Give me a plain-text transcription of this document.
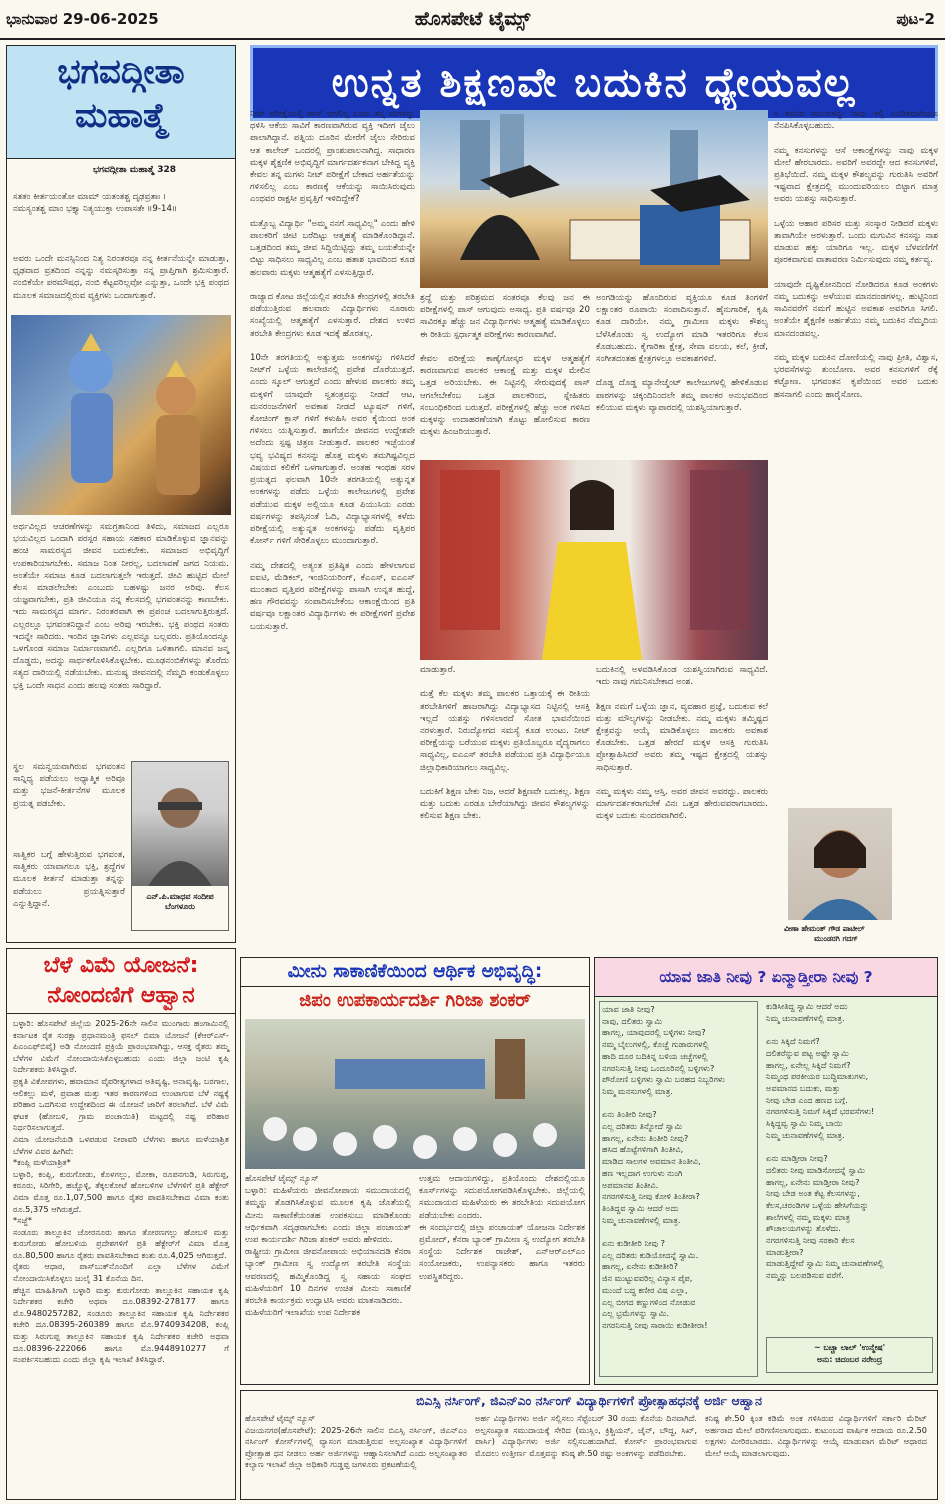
ಭಾನುವಾರ 29-06-2025	ಹೊಸಪೇಟೆ ಟೈಮ್ಸ್	ಪುಟ-2
ಭಗವದ್ಗೀತಾ
ಮಹಾತ್ಮೆ
ಭಗವದ್ಗೀತಾ ಮಹಾತ್ಮೆ 328
ಸತತಂ ಕೀರ್ತಯಂತೋ ಮಾಮ್ ಯತಂತಶ್ಚ ದೃಢವ್ರತಾಃ ।
ನಮಸ್ಯಂತಶ್ಚ ಮಾಂ ಭಕ್ತ್ಯಾ ನಿತ್ಯಯುಕ್ತಾ ಉಪಾಸತೇ ॥9-14॥
ಅವರು ಒಂದೇ ಮನಸ್ಸಿನಿಂದ ನಿತ್ಯ ನಿರಂತರವೂ ನನ್ನ ಕೀರ್ತನೆಯನ್ನೇ ಮಾಡುತ್ತಾ, ಧೃಢವಾದ ವ್ರತದಿಂದ ನನ್ನನ್ನು ನಮಸ್ಕರಿಸುತ್ತಾ ನನ್ನ ಪ್ರಾಪ್ತಿಗಾಗಿ ಶ್ರಮಿಸುತ್ತಾರೆ. ನಂಬಿಕೆಯೇ ಪರಮೌಷಧ, ನಂಬಿ ಕೆಟ್ಟವರಿಲ್ಲವೋ ಎನ್ನುತ್ತಾ, ಒಂದೇ ಭಕ್ತಿ ಪಂಥದ ಮೂಲಕ ಸಮಾಜದಲ್ಲಿರುವ ವ್ಯಕ್ತಿಗಳು ಒಂದಾಗುತ್ತಾರೆ.
ಅರ್ಥವಿಲ್ಲದ ಆಚರಣೆಗಳನ್ನು ಸಮಗ್ರತಾನಿಂದ ತಿಳಿದು, ಸಮಾಜದ ಎಲ್ಲರೂ ಭಯವಿಲ್ಲದ ಒಂದಾಗಿ ಪರಸ್ಪರ ಸಹಾಯ ಸಹಕಾರ ಮಾಡಿಕೊಳ್ಳುವ ಜ್ಞಾನವನ್ನು ಹಂಚಿ ಸಾಮರಸ್ಯದ ಜೀವನ ಬದುಕಬೇಕು. ಸಮಾಜದ ಅಭಿವೃದ್ಧಿಗೆ ಉಪಕಾರಿಯಾಗಬೇಕು. ಸಮಾಜ ನಿಂತ ನೀರಲ್ಲ, ಬದಲಾವಣೆ ಜಗದ ನಿಯಮ. ಅಂತೆಯೇ ಸಮಾಜ ಕೂಡ ಬದಲಾಗುತ್ತಲೇ ಇರುತ್ತದೆ. ಜೀವಿ ಹುಟ್ಟಿದ ಮೇಲೆ ಕೆಲಸ ಮಾಡಲೇಬೇಕು ಎಂಬುದು ಬಹಳಷ್ಟು ಜನರ ಅರಿವು. ಕೆಲಸ ಯಜ್ಞವಾಗಬೇಕು, ಪ್ರತಿ ಜೀವಿಯೂ ನನ್ನ ಕೆಲಸದಲ್ಲಿ ಭಗವಂತನನ್ನು ಕಾಣಬೇಕು. ಇದು ಸಾಮರಸ್ಯದ ಮಾರ್ಗ. ನಿರಂತರವಾಗಿ ಈ ಪ್ರಪಂಚ ಬದಲಾಗುತ್ತಿರುತ್ತದೆ. ಎಲ್ಲರಲ್ಲೂ ಭಗವಂತನಿದ್ದಾನೆ ಎಂಬ ಅರಿವು ಇರಬೇಕು. ಭಕ್ತಿ ಪಂಥದ ಸಂತರು ಇದನ್ನೇ ಸಾರಿದರು. ಇಂದಿನ ಜ್ಞಾನಿಗಳು ಎಲ್ಲವನ್ನೂ ಬಲ್ಲವರು. ಪ್ರತಿಯೊಂದನ್ನೂ ಒಳಗೊಂಡ ಸಮಾಜ ನಿರ್ಮಾಣವಾಗಲಿ. ಎಲ್ಲರಿಗೂ ಒಳಿತಾಗಲಿ. ಮಾನವ ಜನ್ಮ ದೊಡ್ಡದು, ಅದನ್ನು ಸಾರ್ಥಕಗೊಳಿಸಿಕೊಳ್ಳಬೇಕು. ಮೂಢನಂಬಿಕೆಗಳನ್ನು ತೊರೆದು ಸತ್ಯದ ದಾರಿಯಲ್ಲಿ ನಡೆಯಬೇಕು. ಮನುಷ್ಯ ಜೀವನದಲ್ಲಿ ನೆಮ್ಮದಿ ಕಂಡುಕೊಳ್ಳಲು ಭಕ್ತಿ ಒಂದೇ ಸಾಧನ ಎಂದು ಹಲವು ಸಂತರು ಸಾರಿದ್ದಾರೆ.
ಸ್ಥಲ ಸಮನ್ವಯವಾಗಿರುವ ಭಗವಂತನ ಸಾನ್ನಿಧ್ಯ ಪಡೆಯಲು ಅಧ್ಯಾತ್ಮಿಕ ಅರಿವೂ ಮತ್ತು ಭಜನೆ-ಕೀರ್ತನೆಗಳ ಮೂಲಕ ಪ್ರಯತ್ನ ಪಡಬೇಕು.
ಸಾತ್ವಿಕರ ಬಗ್ಗೆ ಹೇಳುತ್ತಿರುವ ಭಗವಂತ, ಸಾತ್ವಿಕರು ಯಾವಾಗಲೂ ಭಕ್ತಿ, ಶ್ರದ್ಧೆಗಳ ಮೂಲಕ ಕೀರ್ತನೆ ಮಾಡುತ್ತಾ ತನ್ನನ್ನು ಪಡೆಯಲು ಪ್ರಯತ್ನಿಸುತ್ತಾರೆ ಎನ್ನುತ್ತಿದ್ದಾನೆ.
ಎನ್.ಪಿ.ಮಾಧವ ಸಂದೀಪ
ಬೆಂಗಳೂರು
ಉನ್ನತ ಶಿಕ್ಷಣವೇ ಬದುಕಿನ ಧ್ಯೇಯವಲ್ಲ
ನೀಟ್ ಪರೀಕ್ಷೆಯಲ್ಲಿ ಪಾಸ್ ಆಗಲಿಲ್ಲ ಎಂದು ತನ್ನ ಮಗಳನ್ನು ಥಳಿಸಿ ಆಕೆಯ ಸಾವಿಗೆ ಕಾರಣವಾಗಿರುವ ವ್ಯಕ್ತಿ ಇದೀಗ ಜೈಲು ಪಾಲಾಗಿದ್ದಾನೆ. ಪತ್ನಿಯ ದೂರಿನ ಮೇರೆಗೆ ಜೈಲು ಸೇರಿರುವ ಆತ ಕಾಲೇಜ್ ಒಂದರಲ್ಲಿ ಪ್ರಾಂಶುಪಾಲನಾಗಿದ್ದ. ಸಾಧಾರಣ ಮಕ್ಕಳ ಶೈಕ್ಷಣಿಕ ಅಭಿವೃದ್ಧಿಗೆ ಮಾರ್ಗದರ್ಶಕನಾಗ ಬೇಕಿದ್ದ ವ್ಯಕ್ತಿ ಕೇವಲ ತನ್ನ ಮಗಳು ನೀಟ್ ಪರೀಕ್ಷೆಗೆ ಬೇಕಾದ ಅರ್ಹತೆಯನ್ನು ಗಳಿಸಲಿಲ್ಲ ಎಂಬ ಕಾರಣಕ್ಕೆ ಆಕೆಯನ್ನು ಸಾಯಿಸಿರುವುದು ಎಂಥವರ ರಾಕ್ಷಸೀ ಪ್ರವೃತ್ತಿಗೆ ಇಳಿದಿದ್ದೇಕೆ?

ಮತ್ತೊಬ್ಬ ವಿದ್ಯಾರ್ಥಿ "ಅಮ್ಮ ನನಗೆ ಸಾಧ್ಯವಿಲ್ಲ" ಎಂದು ಹೇಳಿ ಪಾಲಕರಿಗೆ ಚೀಟಿ ಬರೆದಿಟ್ಟು ಆತ್ಮಹತ್ಯೆ ಮಾಡಿಕೊಂಡಿದ್ದಾನೆ. ಒತ್ತಡದಿಂದ ತಮ್ಮ ಜೀವ ಸಿದ್ದಿಯಿಟ್ಟಿದ್ದು ತಮ್ಮ ಬಯಕೆಯನ್ನೇ ಬಿಟ್ಟು ಸಾಧಿಸಲು ಸಾಧ್ಯವಿಲ್ಲ ಎಂಬ ಹತಾಶ ಭಾವದಿಂದ ಕೂಡ ಹಲವಾರು ಮಕ್ಕಳು ಆತ್ಮಹತ್ಯೆಗೆ ಎಳಸುತ್ತಿದ್ದಾರೆ.

ರಾಜ್ಯಾದ ಕೋಟ ಜಿಲ್ಲೆಯಲ್ಲಿನ ತರಬೇತಿ ಕೇಂದ್ರಗಳಲ್ಲಿ ತರಬೇತಿ ಪಡೆಯುತ್ತಿರುವ ಹಲವಾರು ವಿದ್ಯಾರ್ಥಿಗಳು ನೂರಾರು ಸಂಖ್ಯೆಯಲ್ಲಿ ಆತ್ಮಹತ್ಯೆಗೆ ಎಳಸುತ್ತಾರೆ. ದೇಶದ ಉಳಿದ ತರಬೇತಿ ಕೇಂದ್ರಗಳು ಕೂಡ ಇದಕ್ಕೆ ಹೊರತಲ್ಲ.

10ನೇ ತರಗತಿಯಲ್ಲಿ ಅತ್ಯುತ್ತಮ ಅಂಕಗಳನ್ನು ಗಳಿಸಿದರೆ ನೀಟ್‌ಗೆ ಒಳ್ಳೆಯ ಕಾಲೇಜಿನಲ್ಲಿ ಪ್ರವೇಶ ದೊರೆಯುತ್ತದೆ. ಎಂದು ಸ್ಕೂಲ್ ಆಗುತ್ತದೆ ಎಂದು ಹೇಳುವ ಪಾಲಕರು ತಮ್ಮ ಮಕ್ಕಳಿಗೆ ಯಾವುದೇ ಸ್ವತಂತ್ರವನ್ನು ನೀಡದೆ ಆಟ, ಮನರಂಜನೆಗಳಿಗೆ ಅವಕಾಶ ನೀಡದೆ ಟ್ಯೂಷನ್ ಗಳಿಗೆ, ಕೋಚಿಂಗ್ ಕ್ಲಾಸ್ ಗಳಿಗೆ ಕಳುಹಿಸಿ ಅವರ ಕೈಯಿಂದ ಅಂಕ ಗಳಿಸಲು ಯತ್ನಿಸುತ್ತಾರೆ. ಹಾಗೆಯೇ ಜೀವನದ ಉದ್ದೇಶವೇ ಅದೆಂದು ಸ್ಪಷ್ಟ ಚಿತ್ರಣ ನೀಡುತ್ತಾರೆ. ಪಾಲಕರ ಇಚ್ಛೆಯಂತೆ ಭವ್ಯ ಭವಿಷ್ಯದ ಕನಸನ್ನು ಹೊತ್ತ ಮಕ್ಕಳು ತಮಗಿಷ್ಟವಿಲ್ಲದ ವಿಷಯದ ಕಲಿಕೆಗೆ ಒಳಗಾಗುತ್ತಾರೆ. ಅಂತಹ ಇಂಥಹ ಸರಳ ಪ್ರಯತ್ನದ ಫಲವಾಗಿ 10ನೇ ತರಗತಿಯಲ್ಲಿ ಅತ್ಯುನ್ನತ ಅಂಕಗಳನ್ನು ಪಡೆದು ಒಳ್ಳೆಯ ಕಾಲೇಜುಗಳಲ್ಲಿ ಪ್ರವೇಶ ಪಡೆಯುವ ಮಕ್ಕಳ ಅಲ್ಲಿಯೂ ಕೂಡ ಪಿಯುಸಿಯ ಎರಡು ವರ್ಷಗಳನ್ನು ತಪಸ್ಸಿನಂತೆ ಓದಿ, ವಿದ್ಯಾಭ್ಯಾಸಗಳಲ್ಲಿ ಕಳೆದು ಪರೀಕ್ಷೆಯಲ್ಲಿ ಅತ್ಯುನ್ನತ ಅಂಕಗಳನ್ನು ಪಡೆದು ವೃತ್ತಿಪರ ಕೋರ್ಸ್ ಗಳಿಗೆ ಸೇರಿಕೊಳ್ಳಲು ಮುಂದಾಗುತ್ತಾರೆ.

ನಮ್ಮ ದೇಶದಲ್ಲಿ ಅತ್ಯಂತ ಪ್ರತಿಷ್ಠಿತ ಎಂದು ಹೇಳಲಾಗುವ ಐಐಟಿ, ಮೆಡಿಕಲ್, ಇಂಜಿನಿಯರಿಂಗ್, ಕೆಎಎಸ್, ಐಎಎಸ್ ಮುಂತಾದ ವೃತ್ತಿಪರ ಪರೀಕ್ಷೆಗಳನ್ನು ಪಾಸಾಗಿ ಉನ್ನತ ಹುದ್ದೆ, ಹಣ ಗೌರವವನ್ನು ಸಂಪಾದಿಸಬೇಕೆಂಬ ಆಕಾಂಕ್ಷೆಯಿಂದ ಪ್ರತಿ ವರ್ಷವೂ ಲಕ್ಷಾಂತರ ವಿದ್ಯಾರ್ಥಿಗಳು ಈ ಪರೀಕ್ಷೆಗಳಿಗೆ ಪ್ರವೇಶ ಬಯಸುತ್ತಾರೆ.
ಶ್ರದ್ಧೆ ಮತ್ತು ಪರಿಶ್ರಮದ ಸಂತರವೂ ಕೆಲವು ಜನ ಈ ಪರೀಕ್ಷೆಗಳಲ್ಲಿ ಪಾಸ್ ಆಗುವುದು ಅಸಾಧ್ಯ. ಪ್ರತಿ ವರ್ಷವೂ 20 ಸಾವಿರಕ್ಕೂ ಹೆಚ್ಚು ಜನ ವಿದ್ಯಾರ್ಥಿಗಳು ಆತ್ಮಹತ್ಯೆ ಮಾಡಿಕೊಳ್ಳಲು ಈ ರೀತಿಯ ಸ್ಪರ್ಧಾತ್ಮಕ ಪರೀಕ್ಷೆಗಳು ಕಾರಣವಾಗಿವೆ.

ಕೇವಲ ಪರೀಕ್ಷೆಯ ಕಾಣ್ಕೆಗೋಸ್ಕರ ಮಕ್ಕಳ ಆತ್ಮಹತ್ಯೆಗೆ ಕಾರಣವಾಗುವ ಪಾಲಕರ ಆಕಾಂಕ್ಷೆ ಮತ್ತು ಮಕ್ಕಳ ಮೇಲಿನ ಒತ್ತಡ ಅರಿಯಬೇಕು. ಈ ನಿಟ್ಟಿನಲ್ಲಿ ಸೇರುವುದಕ್ಕೆ ಪಾಸ್ ಆಗಲೇಬೇಕೆಂಬ ಒತ್ತಡ ಪಾಲಕರಿಂದ, ಸ್ನೇಹಿತರು ಸಂಬಂಧಿಕರಿಂದ ಬರುತ್ತದೆ. ಪರೀಕ್ಷೆಗಳಲ್ಲಿ ಹೆಚ್ಚು ಅಂಕ ಗಳಿಸಿದ ಮಕ್ಕಳನ್ನು ಉದಾಹರಣೆಯಾಗಿ ಕೊಟ್ಟು ಹೋಲಿಸುವ ಕಾರಣ ಮಕ್ಕಳು ಹಿಂಜರಿಯುತ್ತಾರೆ.
ಅಂಗಡಿಯನ್ನು ಹೊಂದಿರುವ ವ್ಯಕ್ತಿಯೂ ಕೂಡ ತಿಂಗಳಿಗೆ ಲಕ್ಷಾಂತರ ರೂಪಾಯಿ ಸಂಪಾದಿಸುತ್ತಾನೆ. ಹೈನುಗಾರಿಕೆ, ಕೃಷಿ ಕೂಡ ದಾರಿಯೇ. ನಮ್ಮ ಗ್ರಾಮೀಣ ಮಕ್ಕಳು ಕೌಶಲ್ಯ ಬೆಳೆಸಿಕೊಂಡು ಸ್ವ ಉದ್ಯೋಗ ಮಾಡಿ ಇತರರಿಗೂ ಕೆಲಸ ಕೊಡಬಹುದು. ಕೈಗಾರಿಕಾ ಕ್ಷೇತ್ರ, ಸೇವಾ ವಲಯ, ಕಲೆ, ಕ್ರೀಡೆ, ಸಂಗೀತದಂತಹ ಕ್ಷೇತ್ರಗಳಲ್ಲೂ ಅವಕಾಶಗಳಿವೆ.

ದೊಡ್ಡ ದೊಡ್ಡ ಮ್ಯಾನೇಜ್ಮೆಂಟ್ ಕಾಲೇಜುಗಳಲ್ಲಿ ಹೇಳಿಕೊಡುವ ಪಾಠಗಳನ್ನು ಚಿಕ್ಕಂದಿನಿಂದಲೇ ತಮ್ಮ ಪಾಲಕರ ಅನುಭವದಿಂದ ಕಲಿಯುವ ಮಕ್ಕಳು ವ್ಯಾಪಾರದಲ್ಲಿ ಯಶಸ್ವಿಯಾಗುತ್ತಾರೆ.
ಮಾಡುತ್ತಾರೆ.

ಮತ್ತೆ ಕೆಲ ಮಕ್ಕಳು ತಮ್ಮ ಪಾಲಕರ ಒತ್ತಾಯಕ್ಕೆ ಈ ರೀತಿಯ ತರಬೇತಿಗಳಿಗೆ ಹಾಜರಾಗಿದ್ದು ವಿದ್ಯಾಭ್ಯಾಸದ ನಿಟ್ಟಿನಲ್ಲಿ ಆಸಕ್ತಿ ಇಲ್ಲದೆ ಯಶಸ್ಸು ಗಳಿಸಲಾರದೆ ಸೋತ ಭಾವನೆಯಿಂದ ನರಳುತ್ತಾರೆ. ನಿರುದ್ಯೋಗದ ಸಮಸ್ಯೆ ಕೂಡ ಉಂಟು. ನೀಟ್ ಪರೀಕ್ಷೆಯನ್ನು ಬರೆಯುವ ಮಕ್ಕಳು ಪ್ರತಿಯೊಬ್ಬರೂ ವೈದ್ಯರಾಗಲು ಸಾಧ್ಯವಿಲ್ಲ, ಐಎಎಸ್ ತರಬೇತಿ ಪಡೆಯುವ ಪ್ರತಿ ವಿದ್ಯಾರ್ಥಿಯೂ ಜಿಲ್ಲಾಧಿಕಾರಿಯಾಗಲು ಸಾಧ್ಯವಿಲ್ಲ.

ಬದುಕಿಗೆ ಶಿಕ್ಷಣ ಬೇಕು ನಿಜ, ಆದರೆ ಶಿಕ್ಷಣವೇ ಬದುಕಲ್ಲ. ಶಿಕ್ಷಣ ಮತ್ತು ಬದುಕು ಎರಡೂ ಬೇರೆಯಾಗಿದ್ದು ಜೀವನ ಕೌಶಲ್ಯಗಳನ್ನು ಕಲಿಸುವ ಶಿಕ್ಷಣ ಬೇಕು.
ಬದುಕಿನಲ್ಲಿ ಅಳವಡಿಸಿಕೊಂಡ ಯಶಸ್ವಿಯಾಗಿರುವ ಸಾಧ್ಯವಿದೆ. ಇದು ನಾವು ಗಮನಿಸಬೇಕಾದ ಅಂಶ.

ಶಿಕ್ಷಣ ನಮಗೆ ಒಳ್ಳೆಯ ಜ್ಞಾನ, ವ್ಯವಹಾರ ಪ್ರಜ್ಞೆ, ಬದುಕುವ ಕಲೆ ಮತ್ತು ಮೌಲ್ಯಗಳನ್ನು ನೀಡಬೇಕು. ನಮ್ಮ ಮಕ್ಕಳು ತಮ್ಮಿಷ್ಟದ ಕ್ಷೇತ್ರವನ್ನು ಆಯ್ಕೆ ಮಾಡಿಕೊಳ್ಳಲು ಪಾಲಕರು ಅವಕಾಶ ಕೊಡಬೇಕು. ಒತ್ತಡ ಹೇರದೆ ಮಕ್ಕಳ ಆಸಕ್ತಿ ಗುರುತಿಸಿ ಪ್ರೋತ್ಸಾಹಿಸಿದರೆ ಅವರು ತಮ್ಮ ಇಷ್ಟದ ಕ್ಷೇತ್ರದಲ್ಲಿ ಯಶಸ್ಸು ಸಾಧಿಸುತ್ತಾರೆ.

ನಮ್ಮ ಮಕ್ಕಳು ನಮ್ಮ ಆಸ್ತಿ. ಅವರ ಜೀವನ ಅವರದ್ದು. ಪಾಲಕರು ಮಾರ್ಗದರ್ಶಕರಾಗಬೇಕೆ ವಿನಃ ಒತ್ತಡ ಹೇರುವವರಾಗಬಾರದು. ಮಕ್ಕಳ ಬದುಕು ಸುಂದರವಾಗಿರಲಿ.
ನ ಕವನದ ಸಾಲುಗಳನ್ನು ನಾವು ಇಲ್ಲಿ ಎಂದಿತವಾಗಿಯೂ ನೆನಪಿಸಿಕೊಳ್ಳಬಹುದು.

ನಮ್ಮ ಕನಸುಗಳನ್ನು ಆಸೆ ಆಕಾಂಕ್ಷೆಗಳನ್ನು ನಾವು ಮಕ್ಕಳ ಮೇಲೆ ಹೇರಬಾರದು. ಅವರಿಗೆ ಅವರದ್ದೇ ಆದ ಕನಸುಗಳಿವೆ, ಪ್ರತಿಭೆಯಿದೆ. ನಮ್ಮ ಮಕ್ಕಳ ಕೌಶಲ್ಯವನ್ನು ಗುರುತಿಸಿ ಅವರಿಗೆ ಇಷ್ಟವಾದ ಕ್ಷೇತ್ರದಲ್ಲಿ ಮುಂದುವರಿಯಲು ಬಿಟ್ಟಾಗ ಮಾತ್ರ ಅವರು ಯಶಸ್ಸು ಸಾಧಿಸುತ್ತಾರೆ.

ಒಳ್ಳೆಯ ಆಹಾರ ಪರಿಸರ ಮತ್ತು ಸಂಸ್ಕಾರ ನೀಡಿದರೆ ಮಕ್ಕಳು ತಾವಾಗಿಯೇ ಅರಳುತ್ತಾರೆ. ಒಂದು ಮಗುವಿನ ಕನಸನ್ನು ನಾಶ ಮಾಡುವ ಹಕ್ಕು ಯಾರಿಗೂ ಇಲ್ಲ. ಮಕ್ಕಳ ಬೆಳವಣಿಗೆಗೆ ಪೂರಕವಾಗುವ ವಾತಾವರಣ ನಿರ್ಮಿಸುವುದು ನಮ್ಮ ಕರ್ತವ್ಯ.

ಯಾವುದೇ ದೃಷ್ಟಿಕೋನದಿಂದ ನೋಡಿದರೂ ಕೂಡ ಅಂಕಗಳು ನಮ್ಮ ಬದುಕನ್ನು ಅಳೆಯುವ ಮಾನದಂಡಗಳಲ್ಲ. ಹುಟ್ಟಿನಿಂದ ಸಾವಿನವರೆಗೆ ನಮಗೆ ಹುಟ್ಟಿನ ಅವಕಾಶ ಅವರಿಗೂ ಸಿಗಲಿ. ಅಂತೆಯೇ ಶೈಕ್ಷಣಿಕ ಅರ್ಹತೆಯು ನಮ್ಮ ಬದುಕಿನ ನೆಮ್ಮದಿಯ ಮಾನದಂಡವಲ್ಲ.

ನಮ್ಮ ಮಕ್ಕಳ ಬದುಕಿನ ದೋಣಿಯಲ್ಲಿ ನಾವು ಪ್ರೀತಿ, ವಿಶ್ವಾಸ, ಭರವಸೆಗಳನ್ನು ತುಂಬೋಣ. ಅವರ ಕನಸುಗಳಿಗೆ ರೆಕ್ಕೆ ಕಟ್ಟೋಣ. ಭಗವಂತನ ಕೃಪೆಯಿಂದ ಅವರ ಬದುಕು ಹಸನಾಗಲಿ ಎಂದು ಹಾರೈಸೋಣ.
ವೀಣಾ ಹೇಮಂತ್ ಗೌಡ ಪಾಟೀಲ್
ಮುಂಡರಗಿ ಗದಗ್
ಬೆಳೆ ವಿಮೆ ಯೋಜನೆ:
ನೋಂದಣಿಗೆ ಆಹ್ವಾನ
ಬಳ್ಳಾರಿ: ಹೊಸಪೇಟೆ ಜಿಲ್ಲೆಯ 2025-26ನೇ ಸಾಲಿನ ಮುಂಗಾರು ಹಂಗಾಮಿನಲ್ಲಿ ಕರ್ನಾಟಕ ರೈತ ಸುರಕ್ಷಾ ಪ್ರಧಾನಮಂತ್ರಿ ಫಸಲ್ ಬಿಮಾ ಯೋಜನೆ (ಕೆಆರ್‌ಎಸ್-ಪಿಎಂಎಫ್‌ಬಿವೈ) ಅಡಿ ನೋಂದಣಿ ಪ್ರಕ್ರಿಯೆ ಪ್ರಾರಂಭವಾಗಿದ್ದು, ಆಸಕ್ತ ರೈತರು ತಮ್ಮ ಬೆಳೆಗಳ ವಿಮೆಗೆ ನೋಂದಾಯಿಸಿಕೊಳ್ಳಬಹುದು ಎಂದು ಜಿಲ್ಲಾ ಜಂಟಿ ಕೃಷಿ ನಿರ್ದೇಶಕರು ತಿಳಿಸಿದ್ದಾರೆ.
ಪ್ರಕೃತಿ ವಿಕೋಪಗಳು, ಹವಾಮಾನ ವೈಪರೀತ್ಯಗಳಾದ ಅತಿವೃಷ್ಟಿ, ಅನಾವೃಷ್ಟಿ, ಬರಗಾಲ, ಆಲಿಕಲ್ಲು ಮಳೆ, ಪ್ರವಾಹ ಮತ್ತು ಇತರ ಕಾರಣಗಳಿಂದ ಉಂಟಾಗುವ ಬೆಳೆ ನಷ್ಟಕ್ಕೆ ಪರಿಹಾರ ಒದಗಿಸುವ ಉದ್ದೇಶದಿಂದ ಈ ಯೋಜನೆ ಜಾರಿಗೆ ತರಲಾಗಿದೆ. ಬೆಳೆ ವಿಮೆ ಘಟಕ (ಹೋಬಳಿ, ಗ್ರಾಮ ಪಂಚಾಯಿತಿ) ಮಟ್ಟದಲ್ಲಿ ನಷ್ಟ ಪರಿಹಾರ ನಿರ್ಧರಿಸಲಾಗುತ್ತದೆ.
ವಿಮಾ ಯೋಜನೆಯಡಿ ಒಳಪಡುವ ನೀರಾವರಿ ಬೆಳೆಗಳು ಹಾಗೂ ಮಳೆಯಾಶ್ರಿತ ಬೆಳೆಗಳ ವಿವರ ಹೀಗಿವೆ:
*ಕಂಪ್ಲಿ ಮಳೆಯಾಶ್ರಿತ*
ಬಳ್ಳಾರಿ, ಕಂಪ್ಲಿ, ಕುರುಗೋಡು, ಕೊಳಗಲ್ಲು, ಮೋಕಾ, ರೂಪನಗುಡಿ, ಸಿರುಗುಪ್ಪ, ಕರೂರು, ಸಿರಿಗೇರಿ, ಹಚ್ಚೊಳ್ಳಿ, ತೆಕ್ಕಲಕೋಟೆ ಹೋಬಳಿಗಳ ಬೆಳೆಗಳಿಗೆ ಪ್ರತಿ ಹೆಕ್ಟೇರ್ ವಿಮಾ ಮೊತ್ತ ರೂ.1,07,500 ಹಾಗೂ ರೈತರ ಪಾವತಿಸಬೇಕಾದ ವಿಮಾ ಕಂತು ರೂ.5,375 ಆಗಿರುತ್ತದೆ.
*ಸಜ್ಜೆ*
ಸಂಡೂರು ತಾಲ್ಲೂಕಿನ ಚೋರನೂರು ಹಾಗೂ ತೋರಣಗಲ್ಲು ಹೋಬಳಿ ಮತ್ತು ಕುರುಗೋಡು ಹೋಬಳಿಯ ಪ್ರದೇಶಗಳಿಗೆ ಪ್ರತಿ ಹೆಕ್ಟೇರ್‌ಗೆ ವಿಮಾ ಮೊತ್ತ ರೂ.80,500 ಹಾಗೂ ರೈತರು ಪಾವತಿಸಬೇಕಾದ ಕಂತು ರೂ.4,025 ಆಗಿರುತ್ತದೆ.
ರೈತರು ಆಧಾರ, ಪಾಸ್‌ಬುಕ್‌ನೊಂದಿಗೆ ಎಲ್ಲಾ ಬೆಳೆಗಳ ವಿಮೆಗೆ ನೋಂದಾಯಿಸಿಕೊಳ್ಳಲು ಜುಲೈ 31 ಕೊನೆಯ ದಿನ.
ಹೆಚ್ಚಿನ ಮಾಹಿತಿಗಾಗಿ ಬಳ್ಳಾರಿ ಮತ್ತು ಕುರುಗೋಡು ತಾಲ್ಲೂಕಿನ ಸಹಾಯಕ ಕೃಷಿ ನಿರ್ದೇಶಕರ ಕಚೇರಿ ಅಥವಾ ದೂ.08392-278177 ಹಾಗೂ ಮೊ.9480257282, ಸಂಡೂರು ತಾಲ್ಲೂಕಿನ ಸಹಾಯಕ ಕೃಷಿ ನಿರ್ದೇಶಕರ ಕಚೇರಿ ದೂ.08395-260389 ಹಾಗೂ ಮೊ.9740934208, ಕಂಪ್ಲಿ ಮತ್ತು ಸಿರುಗುಪ್ಪ ತಾಲ್ಲೂಕಿನ ಸಹಾಯಕ ಕೃಷಿ ನಿರ್ದೇಶಕರ ಕಚೇರಿ ಅಥವಾ ದೂ.08396-222066 ಹಾಗೂ ಮೊ.9448910277 ಗೆ ಸಂಪರ್ಕಿಸಬಹುದು ಎಂದು ಜಿಲ್ಲಾ ಕೃಷಿ ಇಲಾಖೆ ತಿಳಿಸಿದ್ದಾರೆ.
ಮೀನು ಸಾಕಾಣಿಕೆಯಿಂದ ಆರ್ಥಿಕ ಅಭಿವೃದ್ಧಿ:
ಜಿಪಂ ಉಪಕಾರ್ಯದರ್ಶಿ ಗಿರಿಜಾ ಶಂಕರ್
ಹೊಸಪೇಟೆ ಟೈಮ್ಸ್ ನ್ಯೂಸ್
ಬಳ್ಳಾರಿ: ಮಹಿಳೆಯರು ಜೀವನೋಪಾಯ ಸಮುದಾಯದಲ್ಲಿ ತಮ್ಮನ್ನು ತೊಡಗಿಸಿಕೊಳ್ಳುವ ಮೂಲಕ ಕೃಷಿ ಜೊತೆಯಲ್ಲಿ ಮೀನು ಸಾಕಾಣಿಕೆಯಂತಹ ಉಪಕಸುಬು ಮಾಡಿಕೊಂಡು ಆರ್ಥಿಕವಾಗಿ ಸದೃಢರಾಗಬೇಕು ಎಂದು ಜಿಲ್ಲಾ ಪಂಚಾಯತ್ ಉಪ ಕಾರ್ಯದರ್ಶಿ ಗಿರಿಜಾ ಶಂಕರ್ ಅವರು ಹೇಳಿದರು.
ರಾಷ್ಟ್ರೀಯ ಗ್ರಾಮೀಣ ಜೀವನೋಪಾಯ ಅಭಿಯಾನದಡಿ ಕೆನರಾ ಬ್ಯಾಂಕ್ ಗ್ರಾಮೀಣ ಸ್ವ ಉದ್ಯೋಗ ತರಬೇತಿ ಸಂಸ್ಥೆಯ ಆವರಣದಲ್ಲಿ ಹಮ್ಮಿಕೊಂಡಿದ್ದ ಸ್ವ ಸಹಾಯ ಸಂಘದ ಮಹಿಳೆಯರಿಗೆ 10 ದಿನಗಳ ಉಚಿತ ಮೀನು ಸಾಕಾಣಿಕೆ ತರಬೇತಿ ಕಾರ್ಯಕ್ರಮ ಉದ್ಘಾಟಿಸಿ ಅವರು ಮಾತನಾಡಿದರು.
ಮಹಿಳೆಯರಿಗೆ ಇಲಾಖೆಯ ಉಪ ನಿರ್ದೇಶಕ
ಉತ್ತಮ ಆದಾಯಗಳಿದ್ದು, ಪ್ರತಿಯೊಂದು ದೇಶದಲ್ಲಿಯೂ ಕೂರ್ಸ್‌ಗಳನ್ನು ಸದುಪಯೋಗಪಡಿಸಿಕೊಳ್ಳಬೇಕು. ಜಿಲ್ಲೆಯಲ್ಲಿ ಸಮುದಾಯದ ಮಹಿಳೆಯರು ಈ ತರಬೇತಿಯ ಸದುಪಯೋಗ ಪಡೆಯಬೇಕು ಎಂದರು.
ಈ ಸಂದರ್ಭದಲ್ಲಿ ಜಿಲ್ಲಾ ಪಂಚಾಯತ್ ಯೋಜನಾ ನಿರ್ದೇಶಕ ಪ್ರಮೋದ್, ಕೆನರಾ ಬ್ಯಾಂಕ್ ಗ್ರಾಮೀಣ ಸ್ವ ಉದ್ಯೋಗ ತರಬೇತಿ ಸಂಸ್ಥೆಯ ನಿರ್ದೇಶಕ ರಾಜೇಶ್, ಎನ್‌ಆರ್‌ಎಲ್‌ಎಂ ಸಂಯೋಜಕರು, ಉಪನ್ಯಾಸಕರು ಹಾಗೂ ಇತರರು ಉಪಸ್ಥಿತರಿದ್ದರು.
ಯಾವ ಜಾತಿ ನೀವು ? ಏನ್ಮಾಡ್ತೀರಾ ನೀವು ?
ಯಾವ ಜಾತಿ ನೀವು?
ನಾವು, ದಲಿತರು ಸ್ವಾಮಿ
ಹಾಗಲ್ಲ, ಯಾವುದರಲ್ಲಿ ಬಳ್ಳಿಗಳು ನೀವು?
ನಮ್ಮ ಬೈಲುಗಳಲ್ಲಿ, ಕೊಚ್ಚೆ ಗುಡಾರುಗಳಲ್ಲಿ
ಹಾದಿ ದೂರ ಬದಿಕಿನ್ನ ಬಳಿಯ ಚಚ್ಚೆಗಳಲ್ಲಿ
ನಗರನಿಸುತ್ತಿ ನೀವು ಒಂದೂರಿನಲ್ಲಿ ಬಳ್ಳಿಗಳು?
ಪೌರೋಣಿ ಬಳ್ಳಿಗಳು ಸ್ವಾಮಿ ಬರಹದ ನಿಬ್ಬರಿಗಳು
ನಿಮ್ಮ ಮನಸುಗಳಲ್ಲಿ ಮಾತ್ರ.

ಏನು ತಿಂತೀರಿ ನೀವು?
ಎಲ್ಲ ದರಿತರು ತಿನ್ನೋದೆ ಸ್ವಾಮಿ
ಹಾಗಲ್ಲ, ಏನೇನು ತಿಂತೀರಿ ನೀವು?
ಹಸಿದ ಹೊಟ್ಟೆಗಳಿಗಾಗಿ ತಿಂತೀವಿ,
ಮಾಡಿದ ಸಾಲಗಳ ಅವಮಾನ ತಿಂತೀವಿ,
ಹಣ ಇಲ್ಲದಾಗ ಉಗುಳು ನುಂಗಿ
ಅಪಮಾನವ ತಿಂತೀವಿ.
ನಗರಗಳಿಸುತ್ತಿ ನೀವು ಕೋಳಿ ತಿಂತೀರಾ?
ತಿಂತಿದ್ದವ ಸ್ವಾಮಿ ಆದರೆ ಅದು
ನಿಮ್ಮ ಚುನಾವಣೆಗಳಲ್ಲಿ ಮಾತ್ರ.

ಏನು ಕುಡೀತೀರಿ ನೀವು ?
ಎಲ್ಲ ದರಿತರು ಕುಡಿಯೋದನ್ನೆ ಸ್ವಾಮಿ.
ಹಾಗಲ್ಲ, ಏನೇನು ಕುಡೀತೀರಿ?
ಜಿನ ಮುಟ್ಟುವವರಿಲ್ಲ ವಿನ್ಯಾಸ ಪೈಪ,
ಮುಂದೆ ಬದ್ಧ ಕಣೀರ ವಿಷ ಎಲ್ಲಾ,
ಎಲ್ಲ ಬೀಗದ ಕಣ್ಣುಗಳಿಂದ ನೋಡುವ
ಎಲ್ಲ ಭ್ರಮೆಗಳನ್ನು ಸ್ವಾಮಿ.
ನಗರನಿಸುತ್ತಿ ನೀವು ಸಾರಾಯಿ ಕುಡೀತೀರಾ!
ಕುಡಿಸೀತಿದ್ದ ಸ್ವಾಮಿ ಆದರೆ ಅದು
ನಿಮ್ಮ ಚುನಾವಣೆಗಳಲ್ಲಿ ಮಾತ್ರ.

ಏನು ಸಿಕ್ಕಿದೆ ನಿಮಗೆ?
ದಲಿತರೆನ್ನುವ ಪಟ್ಟ ಅಷ್ಟೇ ಸ್ವಾಮಿ
ಹಾಗಲ್ಲ, ಏನೇಲ್ಲ ಸಿಕ್ಕಿದೆ ನಿಮಗೆ?
ನಿಮ್ಮಂಥ ಪರಕೀಯರ ಬುದ್ಧಿಮಾತುಗಳು,
ಅವಮಾನದ ಬದುಕು, ಮತ್ತು
ನೀವು ಬೇಡ ಎಂದ ಹಣದ ಬಗ್ಗೆ.
ನಗರಗಳಿಸುತ್ತಿ ನಿಮಗೆ ಸಿಕ್ಕಿದೆ ಭರವಸೆಗಳು!
ಸಿಕ್ಕಿದ್ದವ್ವ ಸ್ವಾಮಿ ನಿಮ್ಮ ಬಾಯಿ
ನಿಮ್ಮ ಚುನಾವಣೆಗಳಲ್ಲಿ ಮಾತ್ರ.

ಏನು ಮಾಡ್ತೀರಾ ನೀವು?
ದಲಿತರು ನೀವು ಮಾಡಿಸೋದನ್ನೆ ಸ್ವಾಮಿ
ಹಾಗಲ್ಲ, ಏನೇನು ಮಾಡ್ತೀರಾ ನೀವು?
ನೀವು ಬೇಡ ಅಂತ ಕೆಟ್ಟ ಕೆಲಸಗಳನ್ನು,
ಕೆಲಸ,ಚರಂಡಿಗಳ ಒಳ್ಳೆಯ ಹೇಸಿಗೆಯನ್ನು
ಶಾಲೆಗಳಲ್ಲಿ ನಮ್ಮ ಮಕ್ಕಳು ಮಾತ್ರ
ಶೌಚಾಲಯಗಳನ್ನು ತೊಳೆದು.
ನಗರಗಳಿಸುತ್ತಿ ನೀವು ಸರಕಾರಿ ಕೆಲಸ
ಮಾಡುತ್ತೀರಾ?
ಮಾಡುತ್ತಿದ್ದೇವೆ ಸ್ವಾಮಿ ನಿಮ್ಮ ಚುನಾವಣೆಗಳಲ್ಲಿ
ನಮ್ಮನ್ನು ಬಲಪಡಿಸುವ ವರೆಗೆ.
~ ಬಚ್ಚಾ ಲಾಲ್ 'ಉನ್ಮೇಷ'
ಅನು: ಚಿದಂಬರ ನರೇಂದ್ರ
ಬಿಎಸ್ಸಿ ನರ್ಸಿಂಗ್, ಜಿಎನ್‌ಎಂ ನರ್ಸಿಂಗ್ ವಿದ್ಯಾರ್ಥಿಗಳಿಗೆ ಪ್ರೋತ್ಸಾಹಧನಕ್ಕೆ ಅರ್ಜಿ ಆಹ್ವಾನ
ಹೊಸಪೇಟೆ ಟೈಮ್ಸ್ ನ್ಯೂಸ್
ವಿಜಯನಗರ(ಹೊಸಪೇಟೆ): 2025-26ನೇ ಸಾಲಿನ ಬಿಎಸ್ಸಿ ನರ್ಸಿಂಗ್, ಜಿಎನ್‌ಎಂ ನರ್ಸಿಂಗ್ ಕೋರ್ಸ್‌ಗಳಲ್ಲಿ ವ್ಯಾಸಂಗ ಮಾಡುತ್ತಿರುವ ಅಲ್ಪಸಂಖ್ಯಾತ ವಿದ್ಯಾರ್ಥಿಗಳಿಗೆ ಪ್ರೋತ್ಸಾಹ ಧನ ನೀಡಲು ಅರ್ಹ ಅರ್ಜಿಗಳನ್ನು ಆಹ್ವಾನಿಸಲಾಗಿದೆ ಎಂದು ಅಲ್ಪಸಂಖ್ಯಾತರ ಕಲ್ಯಾಣ ಇಲಾಖೆ ಜಿಲ್ಲಾ ಅಧಿಕಾರಿ ಗುಡ್ಡಪ್ಪ ಜಗಳೂರು ಪ್ರಕಟಣೆಯಲ್ಲಿ
ಅರ್ಹ ವಿದ್ಯಾರ್ಥಿಗಳು ಅರ್ಜಿ ಸಲ್ಲಿಸಲು ಸೆಪ್ಟೆಂಬರ್ 30 ರಂದು ಕೊನೆಯ ದಿನವಾಗಿದೆ. ಅಲ್ಪಸಂಖ್ಯಾತ ಸಮುದಾಯಕ್ಕೆ ಸೇರಿದ (ಮುಸ್ಲಿಂ, ಕ್ರಿಶ್ಚಿಯನ್, ಜೈನ್, ಬೌದ್ಧ, ಸಿಖ್, ಪಾರ್ಸಿ) ವಿದ್ಯಾರ್ಥಿಗಳು ಅರ್ಜಿ ಸಲ್ಲಿಸಬಹುದಾಗಿದೆ. ಕೋರ್ಸ್ ಪ್ರಾರಂಭವಾಗುವ ಮೊದಲು ಉತ್ತೀರ್ಣ ಮೊತ್ತವನ್ನು ಕನಿಷ್ಠ ಶೇ.50 ರಷ್ಟು ಅಂಕಗಳನ್ನು ಪಡೆದಿರಬೇಕು.
ಕನಿಷ್ಟ ಶೇ.50 ಕ್ಕಿಂತ ಕಡಿಮೆ ಅಂಕ ಗಳಿಸಿರುವ ವಿದ್ಯಾರ್ಥಿಗಳಿಗೆ ಸರ್ಕಾರಿ ಮೆರಿಟ್ ಅರ್ಹರಾದ ಮೇಲೆ ಪರಿಗಣಿಸಲಾಗುವುದು. ಕುಟುಂಬದ ವಾರ್ಷಿಕ ಆದಾಯ ರೂ.2.50 ಲಕ್ಷಗಳು ಮೀರಿರಬಾರದು. ವಿದ್ಯಾರ್ಥಿಗಳನ್ನು ಆಯ್ಕೆ ಮಾಡುವಾಗ ಮೆರಿಟ್ ಆಧಾರದ ಮೇಲೆ ಆಯ್ಕೆ ಮಾಡಲಾಗುವುದು.
